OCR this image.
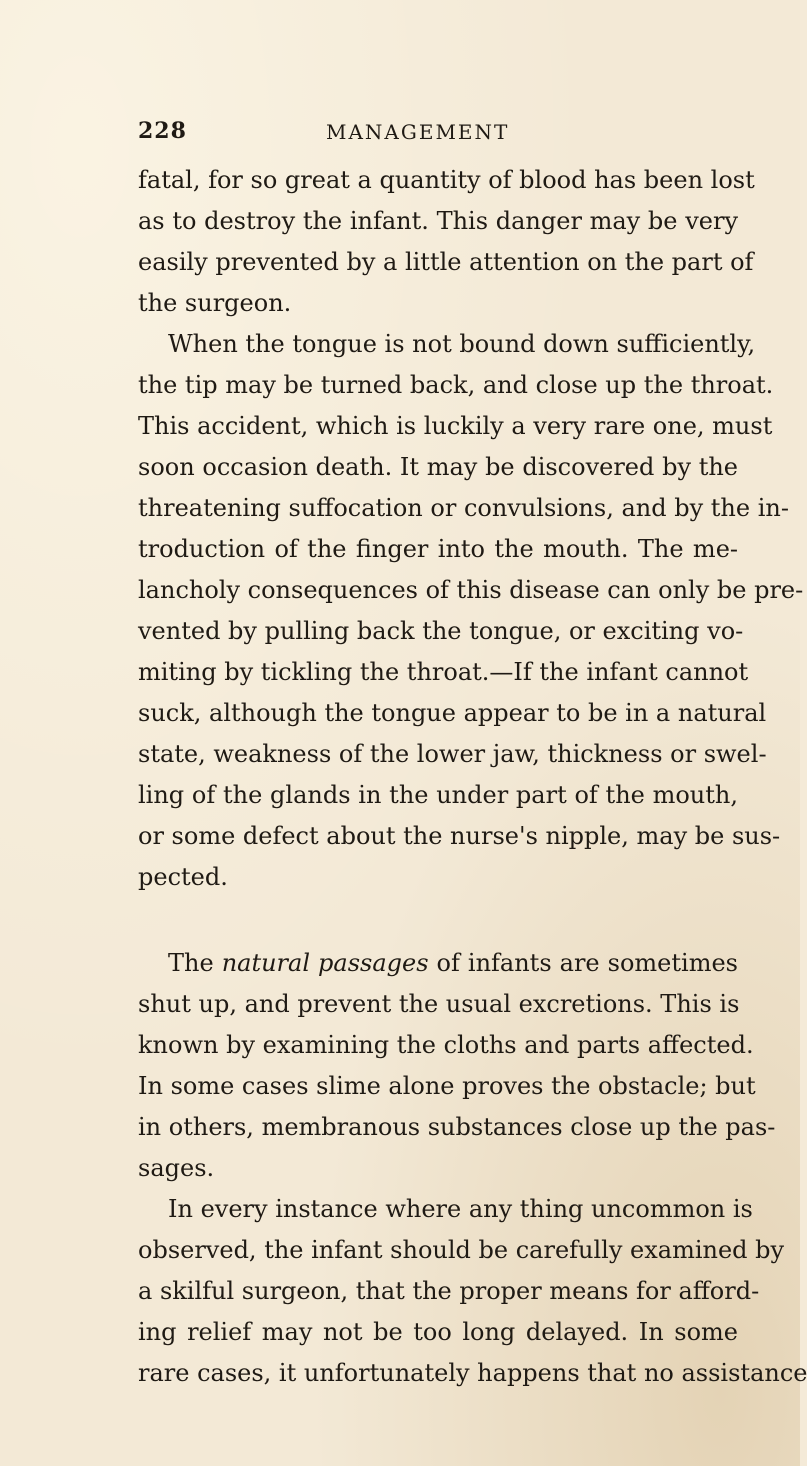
228	MANAGEMENT
fatal, for so great a quantity of blood has been lost
as to destroy the infant. This danger may be very
easily prevented by a little attention on the part of
the surgeon.
When the tongue is not bound down sufficiently,
the tip may be turned back, and close up the throat.
This accident, which is luckily a very rare one, must
soon occasion death. It may be discovered by the
threatening suffocation or convulsions, and by the in-
troduction of the finger into the mouth. The me-
lancholy consequences of this disease can only be pre-
vented by pulling back the tongue, or exciting vo-
miting by tickling the throat.—If the infant cannot
suck, although the tongue appear to be in a natural
state, weakness of the lower jaw, thickness or swel-
ling of the glands in the under part of the mouth,
or some defect about the nurse's nipple, may be sus-
pected.
The natural passages of infants are sometimes
shut up, and prevent the usual excretions. This is
known by examining the cloths and parts affected.
In some cases slime alone proves the obstacle; but
in others, membranous substances close up the pas-
sages.
In every instance where any thing uncommon is
observed, the infant should be carefully examined by
a skilful surgeon, that the proper means for afford-
ing relief may not be too long delayed. In some
rare cases, it unfortunately happens that no assistance
